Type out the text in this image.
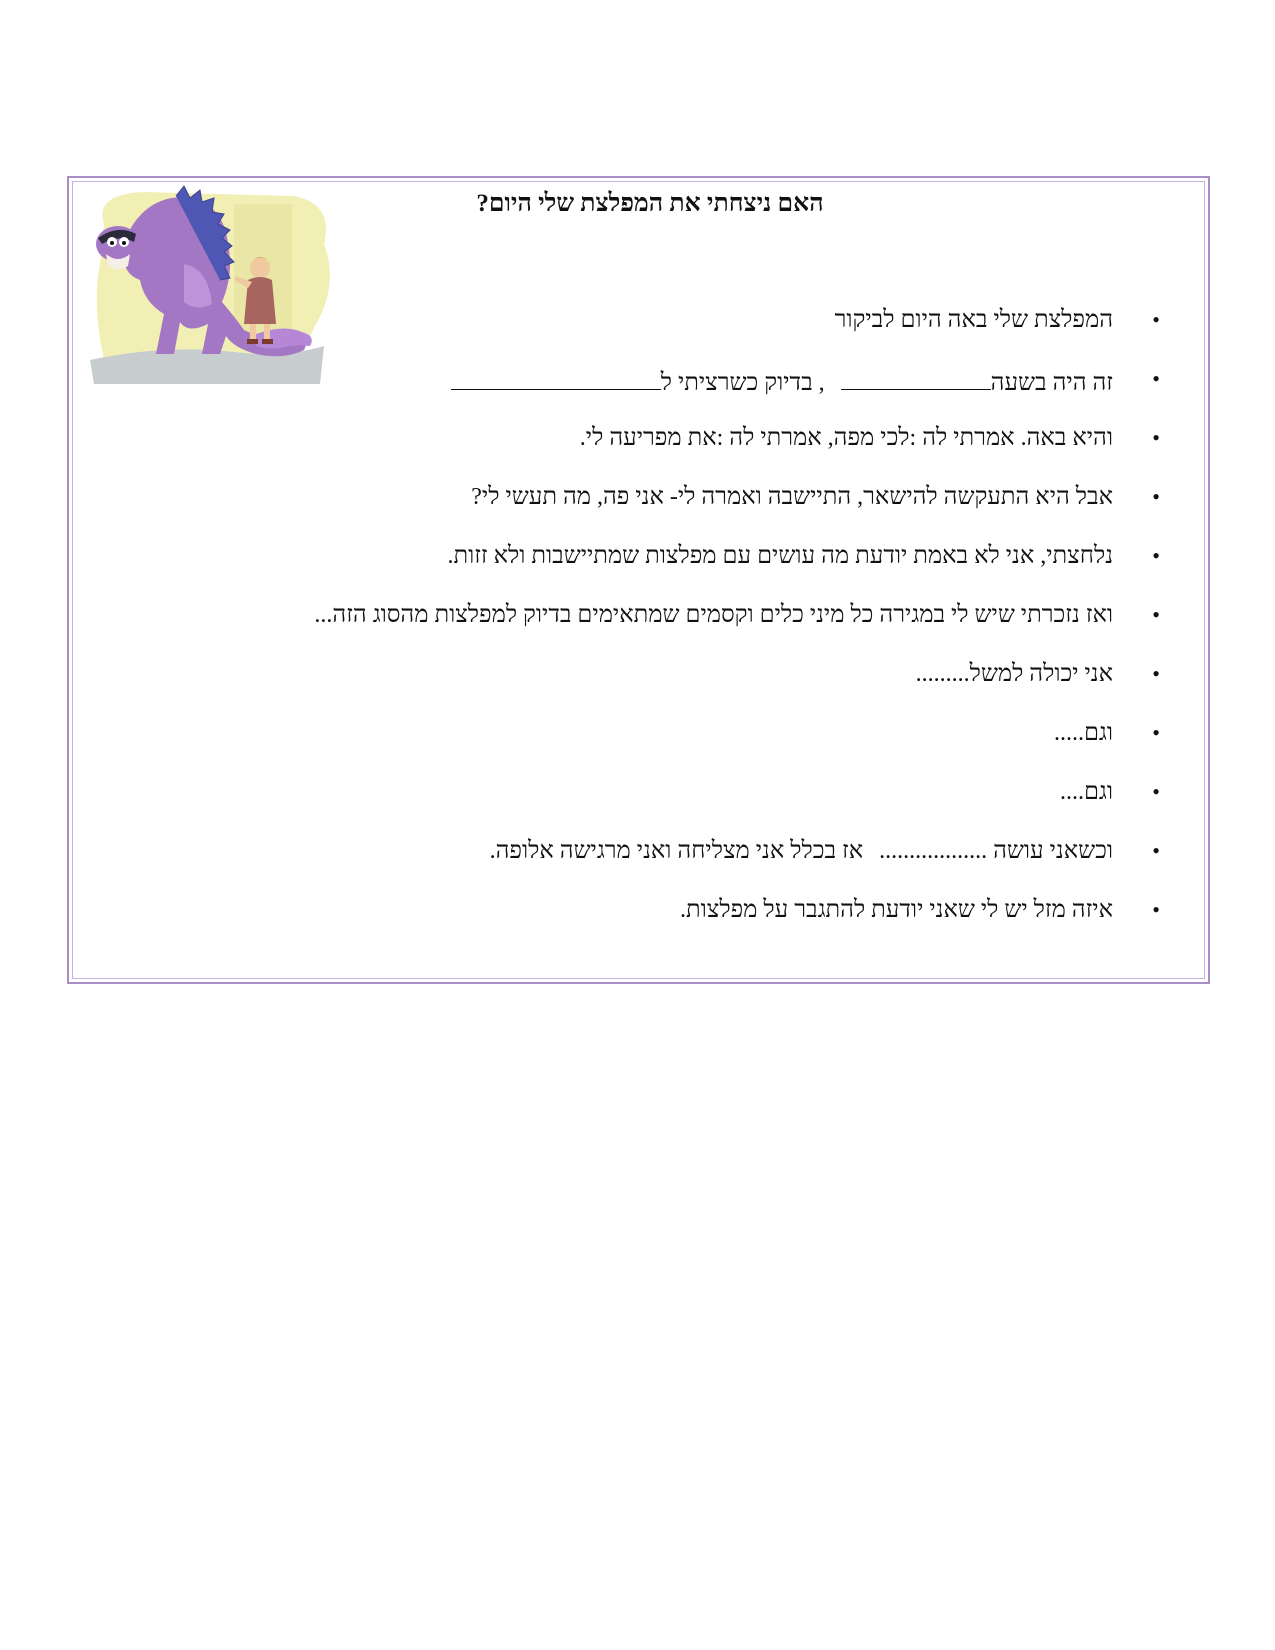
האם ניצחתי את המפלצת שלי היום?
• המפלצת שלי באה היום לביקור
• זה היה בשעה, בדיוק כשרציתי ל
• והיא באה. אמרתי לה :לכי מפה, אמרתי לה :את מפריעה לי.
• אבל היא התעקשה להישאר, התיישבה ואמרה לי- אני פה, מה תעשי לי?
• נלחצתי, אני לא באמת יודעת מה עושים עם מפלצות שמתיישבות ולא זזות.
• ואז נזכרתי שיש לי במגירה כל מיני כלים וקסמים שמתאימים בדיוק למפלצות מהסוג הזה...
• אני יכולה למשל.........
• וגם.....
• וגם....
• וכשאני עושה ..................אז בכלל אני מצליחה ואני מרגישה אלופה.
• איזה מזל יש לי שאני יודעת להתגבר על מפלצות.
